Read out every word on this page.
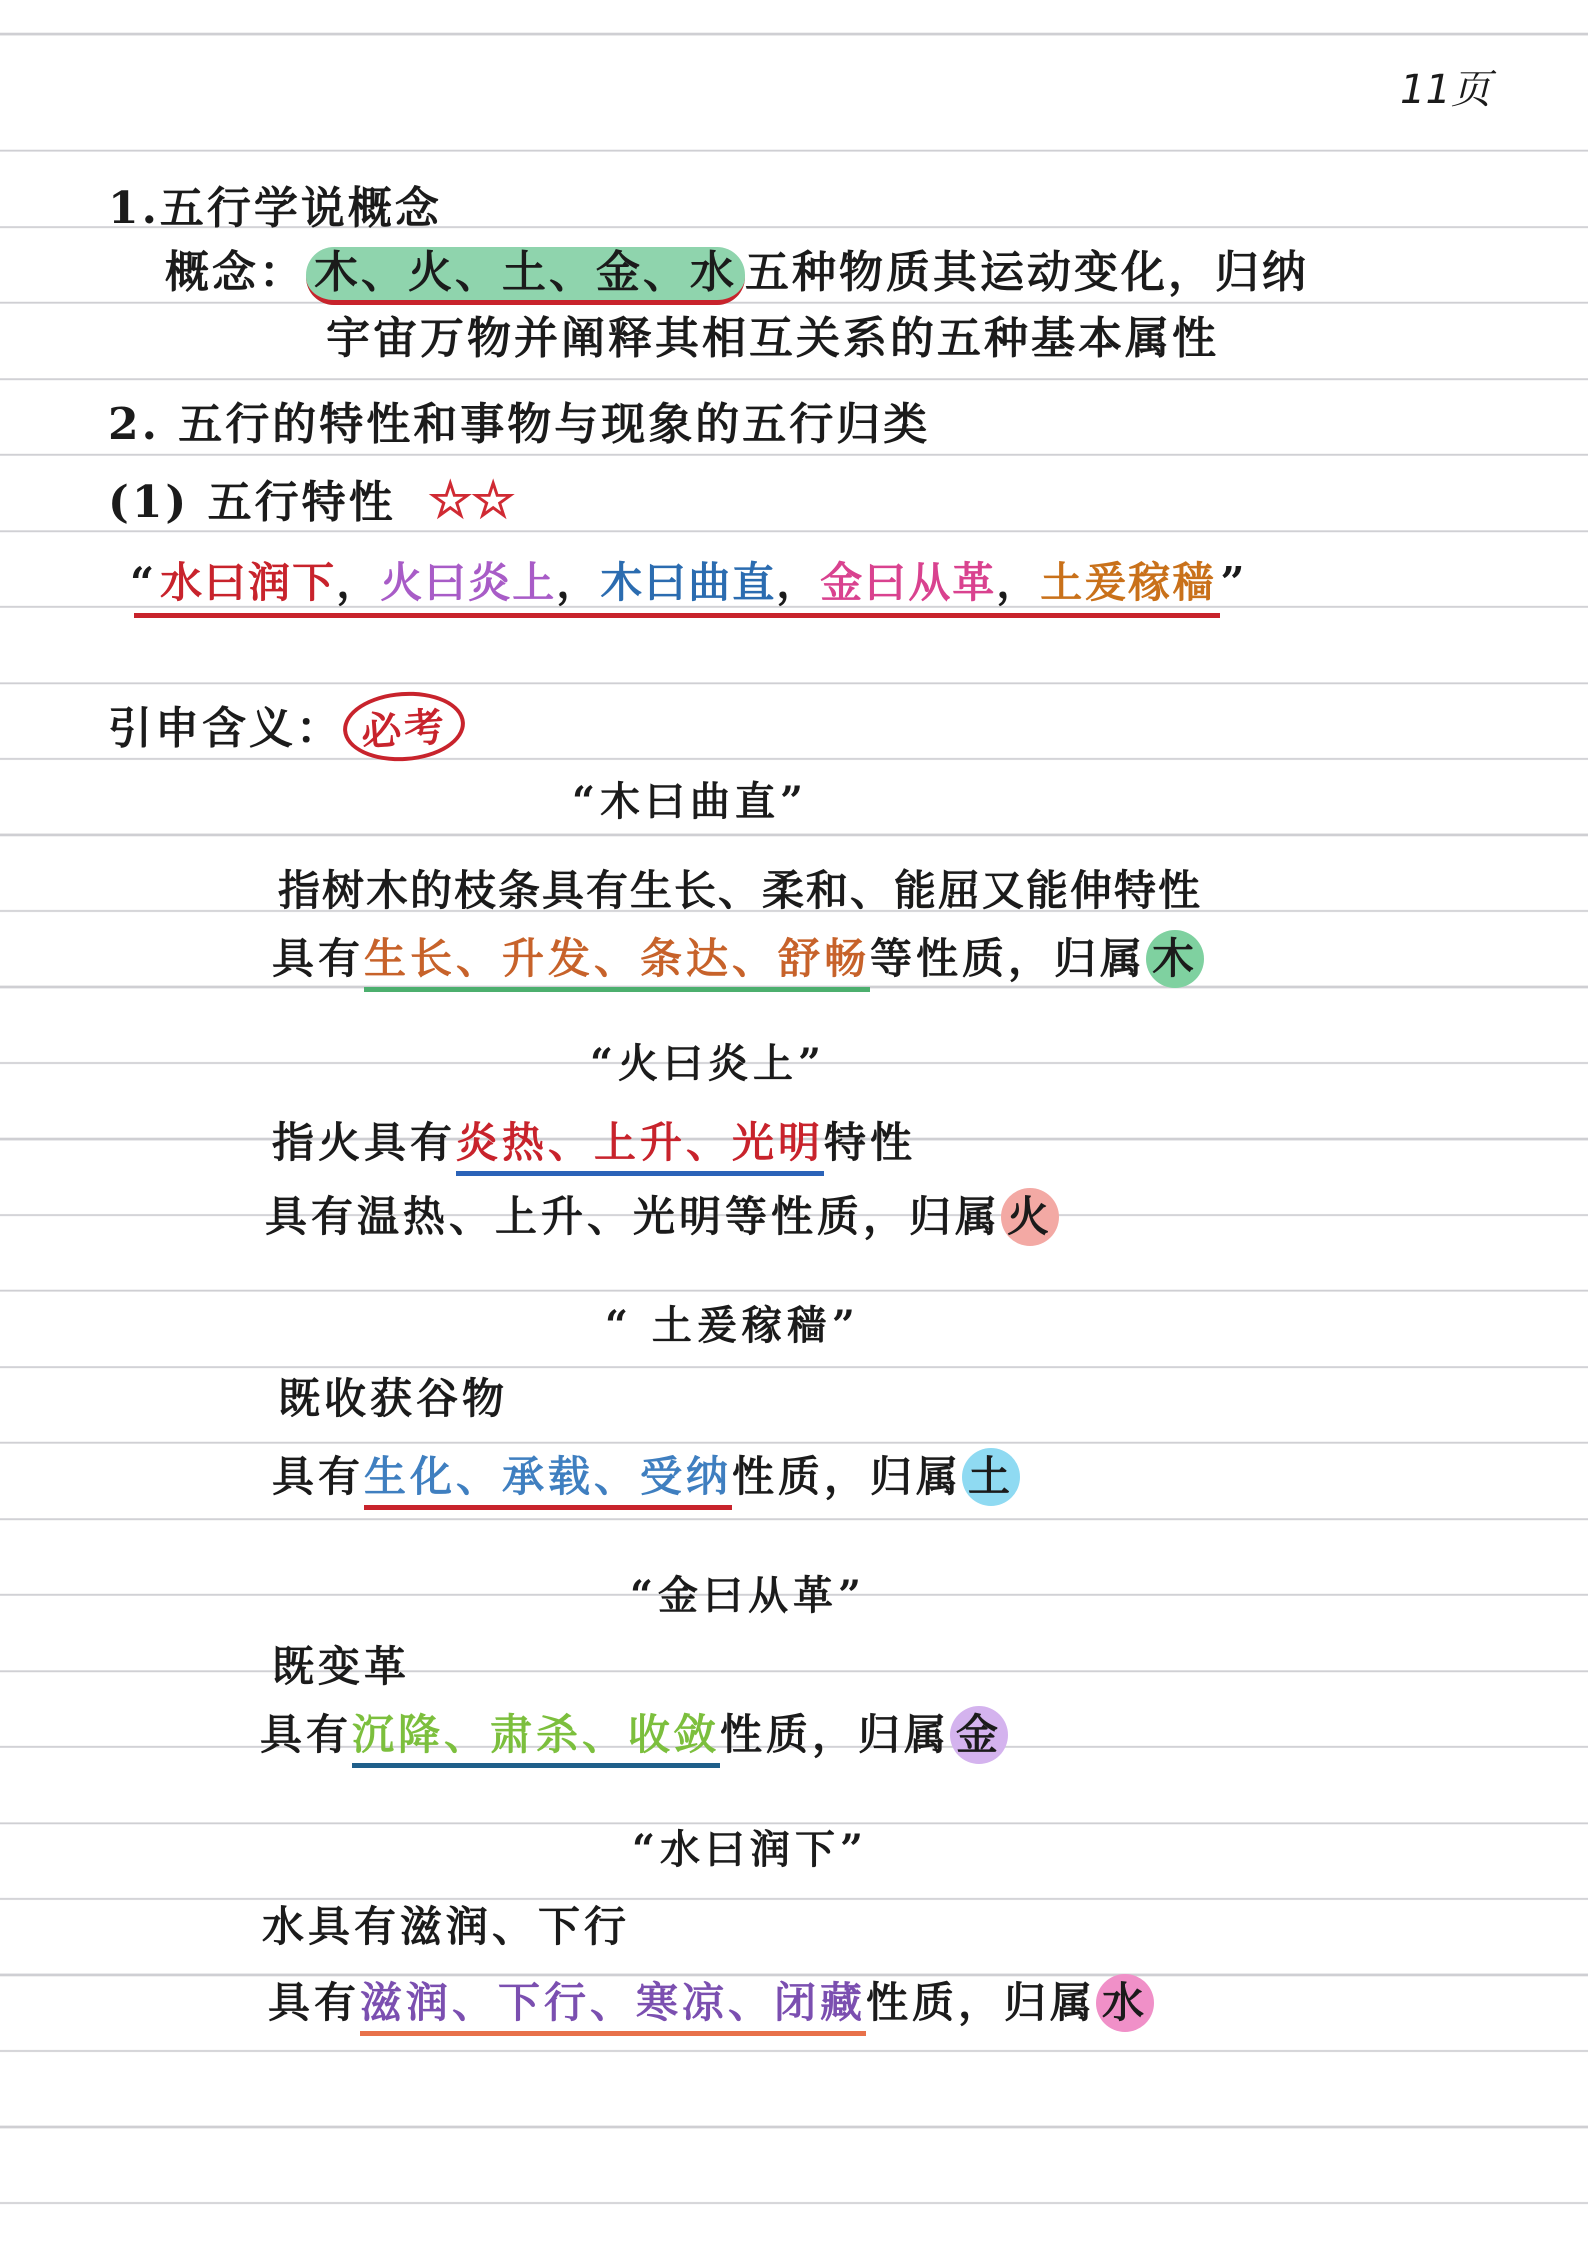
11页
1.五行学说概念
概念： 木、火、土、金、水 五种物质其运动变化，归纳
宇宙万物并阐释其相互关系的五种基本属性
2. 五行的特性和事物与现象的五行归类
(1) 五行特性 ☆☆
“水曰润下，火曰炎上，木曰曲直，金曰从革，土爰稼穑”
引申含义： 必考
“木曰曲直”
指树木的枝条具有生长、柔和、能屈又能伸特性
具有生长、升发、条达、舒畅等性质，归属 木
“火曰炎上”
指火具有炎热、上升、光明特性
具有温热、上升、光明等性质，归属 火
“ 土爰稼穑”
既收获谷物
具有生化、承载、受纳性质，归属 土
“金曰从革”
既变革
具有沉降、肃杀、收敛性质，归属 金
“水曰润下”
水具有滋润、下行
具有滋润、下行、寒凉、闭藏性质，归属 水
